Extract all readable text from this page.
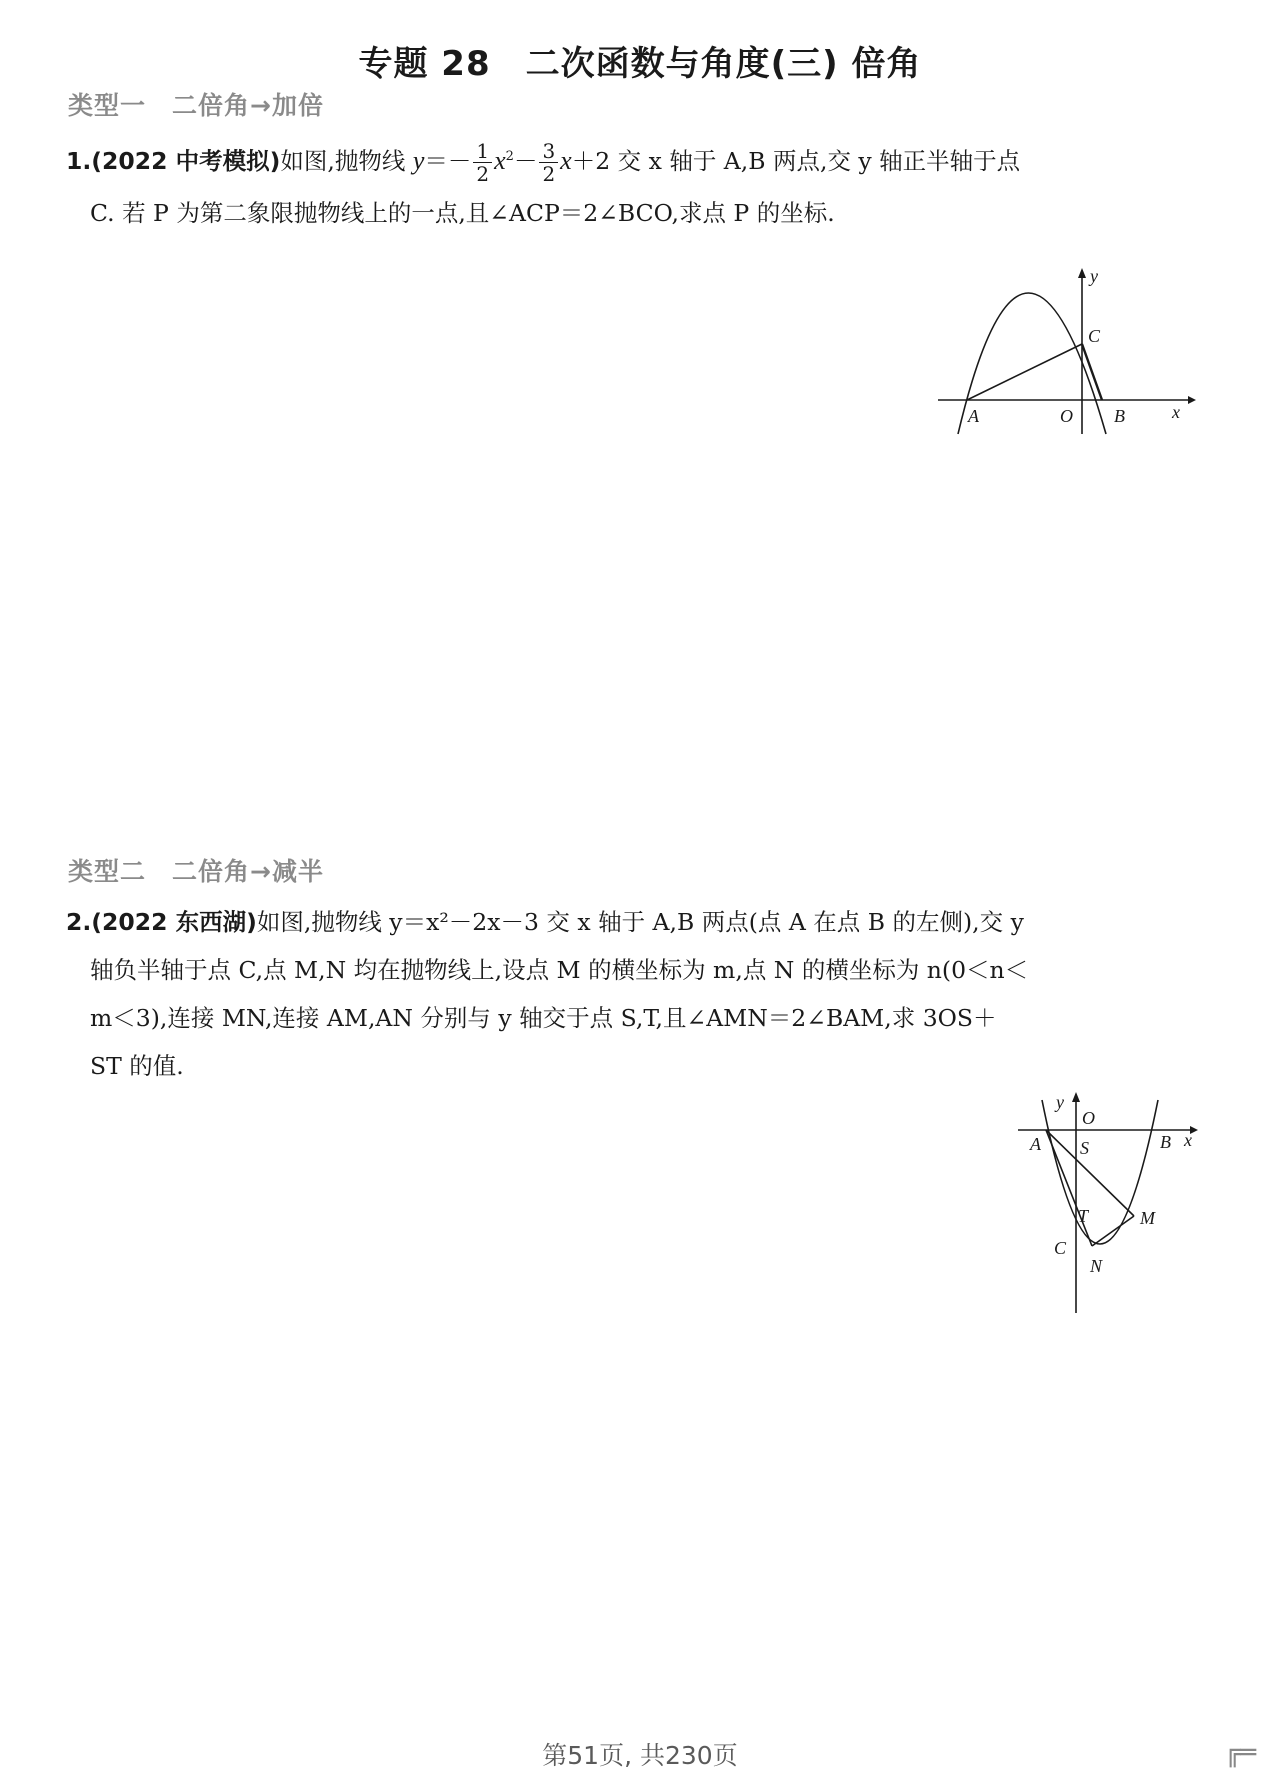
专题 28　二次函数与角度(三) 倍角
类型一　二倍角→加倍
1.(2022 中考模拟)如图,抛物线 $y=- \frac{1}{2} x^2- \frac{3}{2} x+2$ 交 x 轴于 A,B 两点,交 y 轴正半轴于点
C. 若 P 为第二象限抛物线上的一点,且∠ACP＝2∠BCO,求点 P 的坐标.
y
C
A	O B	x
类型二　二倍角→减半
2.(2022 东西湖)如图,抛物线 y＝x²－2x－3 交 x 轴于 A,B 两点(点 A 在点 B 的左侧),交 y
轴负半轴于点 C,点 M,N 均在抛物线上,设点 M 的横坐标为 m,点 N 的横坐标为 n(0＜n＜
m＜3),连接 MN,连接 AM,AN 分别与 y 轴交于点 S,T,且∠AMN＝2∠BAM,求 3OS＋
ST 的值.
y
O
A S	B x
T	M
C
N
第51页, 共230页	╔═
